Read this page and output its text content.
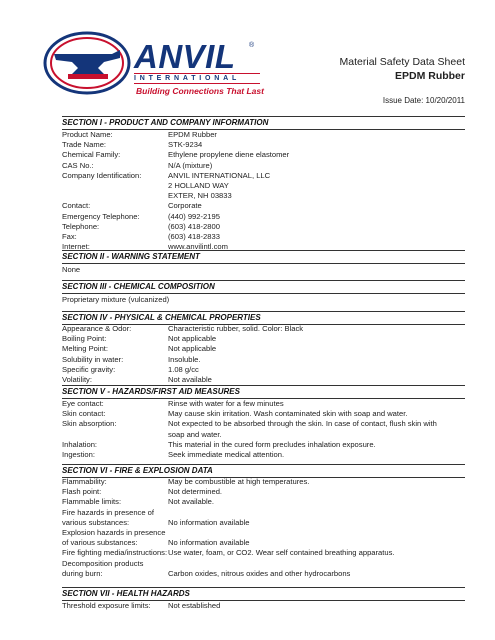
ANVIL ®
INTERNATIONAL
Building Connections That Last
Material Safety Data Sheet
EPDM Rubber
Issue Date: 10/20/2011
SECTION I - PRODUCT AND COMPANY INFORMATION
Product Name:	EPDM Rubber
Trade Name:	STK-9234
Chemical Family:	Ethylene propylene diene elastomer
CAS No.:	N/A (mixture)
Company Identification:	ANVIL INTERNATIONAL, LLC
2 HOLLAND WAY
EXTER, NH 03833
Contact:	Corporate
Emergency Telephone:	(440) 992-2195
Telephone:	(603) 418-2800
Fax:	(603) 418-2833
Internet:	www.anvilintl.com
SECTION II - WARNING STATEMENT
None
SECTION III - CHEMICAL COMPOSITION
Proprietary mixture (vulcanized)
SECTION IV - PHYSICAL & CHEMICAL PROPERTIES
Appearance & Odor:	Characteristic rubber, solid. Color: Black
Boiling Point:	Not applicable
Melting Point:	Not applicable
Solubility in water:	Insoluble.
Specific gravity:	1.08 g/cc
Volatility:	Not available
SECTION V - HAZARDS/FIRST AID MEASURES
Eye contact:	Rinse with water for a few minutes
Skin contact:	May cause skin irritation. Wash contaminated skin with soap and water.
Skin absorption:	Not expected to be absorbed through the skin. In case of contact, flush skin with
soap and water.
Inhalation:	This material in the cured form precludes inhalation exposure.
Ingestion:	Seek immediate medical attention.
SECTION VI - FIRE & EXPLOSION DATA
Flammability:	May be combustible at high temperatures.
Flash point:	Not determined.
Flammable limits:	Not available.
Fire hazards in presence of
various substances:	No information available
Explosion hazards in presence
of various substances:	No information available
Fire fighting media/instructions: Use water, foam, or CO2. Wear self contained breathing apparatus.
Decomposition products
during burn:	Carbon oxides, nitrous oxides and other hydrocarbons
SECTION VII - HEALTH HAZARDS
Threshold exposure limits:	Not established
